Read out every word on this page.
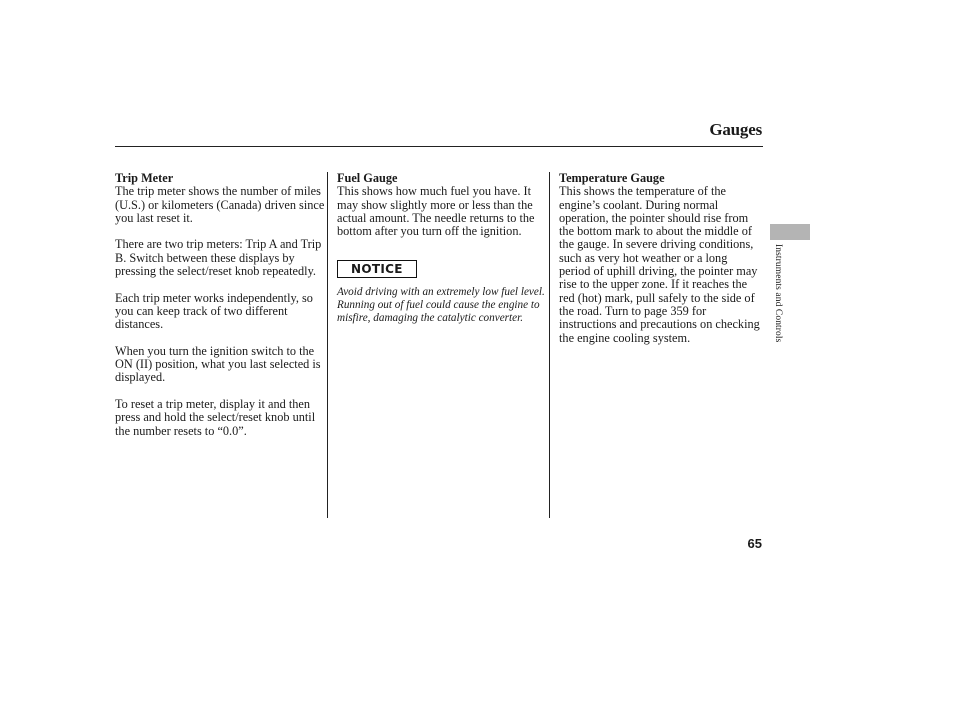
Gauges
Trip Meter

The trip meter shows the number of miles (U.S.) or kilometers (Canada) driven since you last reset it.

There are two trip meters: Trip A and Trip B. Switch between these displays by pressing the select/reset knob repeatedly.

Each trip meter works independently, so you can keep track of two different distances.

When you turn the ignition switch to the ON (II) position, what you last selected is displayed.

To reset a trip meter, display it and then press and hold the select/reset knob until the number resets to “0.0”.

Fuel Gauge

This shows how much fuel you have. It may show slightly more or less than the actual amount. The needle returns to the bottom after you turn off the ignition.

NOTICE
Avoid driving with an extremely low fuel level. Running out of fuel could cause the engine to misfire, damaging the catalytic converter.
Temperature Gauge

This shows the temperature of the engine’s coolant. During normal operation, the pointer should rise from the bottom mark to about the middle of the gauge. In severe driving conditions, such as very hot weather or a long period of uphill driving, the pointer may rise to the upper zone. If it reaches the red (hot) mark, pull safely to the side of the road. Turn to page 359 for instructions and precautions on checking the engine cooling system.	Instruments and Controls
65
